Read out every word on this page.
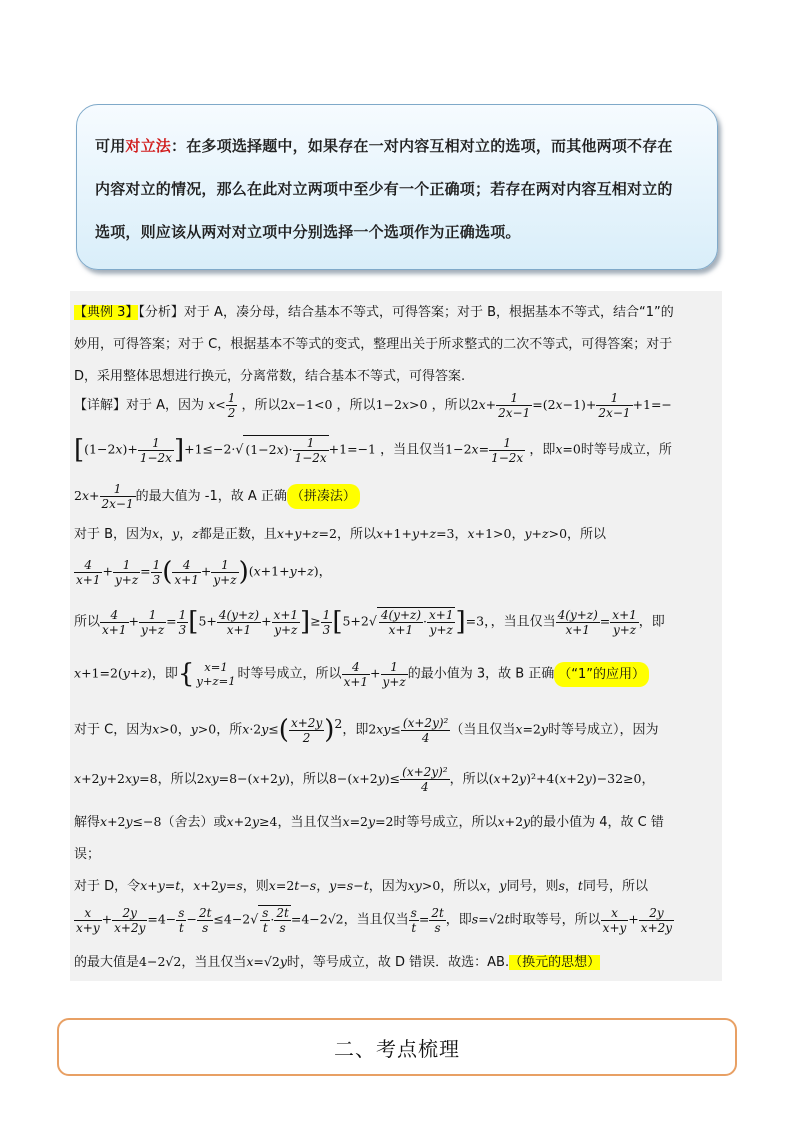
可用对立法：在多项选择题中，如果存在一对内容互相对立的选项，而其他两项不存在
内容对立的情况，那么在此对立两项中至少有一个正确项；若存在两对内容互相对立的
选项，则应该从两对对立项中分别选择一个选项作为正确选项。
【典例 3】【分析】对于 A，凑分母，结合基本不等式，可得答案；对于 B，根据基本不等式，结合“1”的
妙用，可得答案；对于 C，根据基本不等式的变式，整理出关于所求整式的二次不等式，可得答案；对于
D，采用整体思想进行换元，分离常数，结合基本不等式，可得答案.
【详解】对于 A，因为 $x< \frac{1}{2}$ ，所以2x−1<0 ，所以1−2x>0 ，所以$2x+ \frac{1}{2x-1} =(2x-1)+ \frac{1}{2x-1} +1=-$
$[(1-2x)+ \frac{1}{1-2x} ]+1\le-2\cdot√$ $(1-2x)\cdot \frac{1}{1-2x} +1=-1$ ，当且仅当$1-2x= \frac{1}{1-2x}$ ，即x=0时等号成立，所
$2x+ \frac{1}{2x-1}$ 的最大值为 -1，故 A 正确 （拼凑法）
对于 B，因为x，y，z都是正数，且x+y+z=2，所以x+1+y+z=3，x+1>0，y+z>0，所以
$\frac{4}{x+1} + \frac{1}{y+z} = \frac{1}{3}$ ( $\frac{4}{x+1} + \frac{1}{y+z} )(x+1+y+z)$，
所以 $\frac{4}{x+1} + \frac{1}{y+z} = \frac{1}{3} [5+ \frac{4(y+z)}{x+1} + \frac{x+1}{y+z}$ ]≥ $\frac{1}{3} [5+2√ \frac{4(y+z)}{x+1} \cdot \frac{x+1}{y+z} ]=3$，，当且仅当 $\frac{4(y+z)}{x+1} = \frac{x+1}{y+z}$ ，即
x+1=2(y+z)，即{ x=1
y+z=1 时等号成立，所以 $\frac{4}{x+1} + \frac{1}{y+z}$ 的最小值为 3，故 B 正确 （“1”的应用）
对于 C，因为x>0，y>0，所$x\cdot 2y\le( \frac{x+2y}{2} )^2$，即$2xy\le \frac{\text{(x+2y)²}}{4}$ （当且仅当x=2y时等号成立），因为
x+2y+2xy=8，所以2xy=8−(x+2y)，所以$8-(x+2y)\le \frac{\text{(x+2y)²}}{4}$ ，所以(x+2y)²+4(x+2y)−32≥0，
解得x+2y≤−8（舍去）或x+2y≥4，当且仅当x=2y=2时等号成立，所以x+2y的最小值为 4，故 C 错
误；
对于 D，令x+y=t，x+2y=s，则x=2t−s，y=s−t，因为xy>0，所以x，y同号，则s，t同号，所以
$\frac{x}{x+y} + \frac{2y}{x+2y} =4- \frac{s}{t} - \frac{2t}{s} \le 4-2√ \frac{s}{t} \cdot \frac{2t}{s} =4-2√2$，当且仅当 $\frac{s}{t} = \frac{2t}{s}$ ，即s=√2t时取等号，所以 $\frac{x}{x+y} + \frac{2y}{x+2y}$
的最大值是4−2√2，当且仅当x=√2y时，等号成立，故 D 错误．故选：AB.（换元的思想）
二、考点梳理
